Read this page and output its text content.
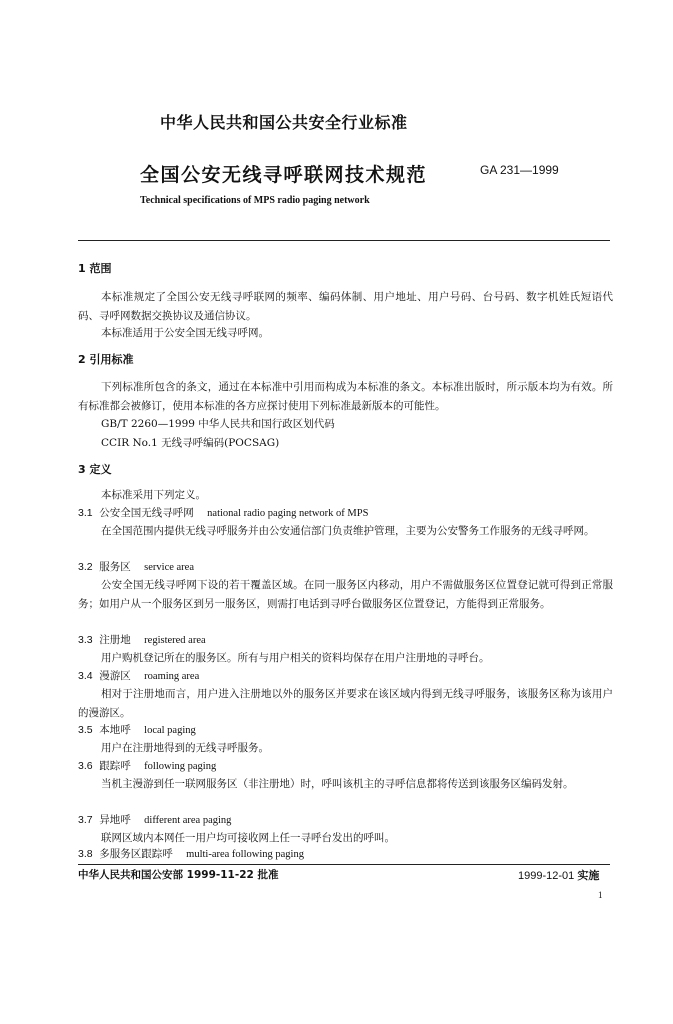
中华人民共和国公共安全行业标准
全国公安无线寻呼联网技术规范	GA 231—1999
Technical specifications of MPS radio paging network
1 范围
本标准规定了全国公安无线寻呼联网的频率、编码体制、用户地址、用户号码、台号码、数字机姓氏短语代码、寻呼网数据交换协议及通信协议。
本标准适用于公安全国无线寻呼网。
2 引用标准
下列标准所包含的条文，通过在本标准中引用而构成为本标准的条文。本标准出版时，所示版本均为有效。所有标准都会被修订，使用本标准的各方应探讨使用下列标准最新版本的可能性。
GB/T 2260—1999 中华人民共和国行政区划代码
CCIR No.1 无线寻呼编码(POCSAG)
3 定义
本标准采用下列定义。
3.1 公安全国无线寻呼网 national radio paging network of MPS
在全国范围内提供无线寻呼服务并由公安通信部门负责维护管理，主要为公安警务工作服务的无线寻呼网。
3.2 服务区 service area
公安全国无线寻呼网下设的若干覆盖区域。在同一服务区内移动，用户不需做服务区位置登记就可得到正常服务；如用户从一个服务区到另一服务区，则需打电话到寻呼台做服务区位置登记，方能得到正常服务。
3.3 注册地 registered area
用户购机登记所在的服务区。所有与用户相关的资料均保存在用户注册地的寻呼台。
3.4 漫游区 roaming area
相对于注册地而言，用户进入注册地以外的服务区并要求在该区域内得到无线寻呼服务，该服务区称为该用户的漫游区。
3.5 本地呼 local paging
用户在注册地得到的无线寻呼服务。
3.6 跟踪呼 following paging
当机主漫游到任一联网服务区（非注册地）时，呼叫该机主的寻呼信息都将传送到该服务区编码发射。
3.7 异地呼 different area paging
联网区域内本网任一用户均可接收网上任一寻呼台发出的呼叫。
3.8 多服务区跟踪呼 multi-area following paging
中华人民共和国公安部 1999-11-22 批准	1999-12-01 实施
1
